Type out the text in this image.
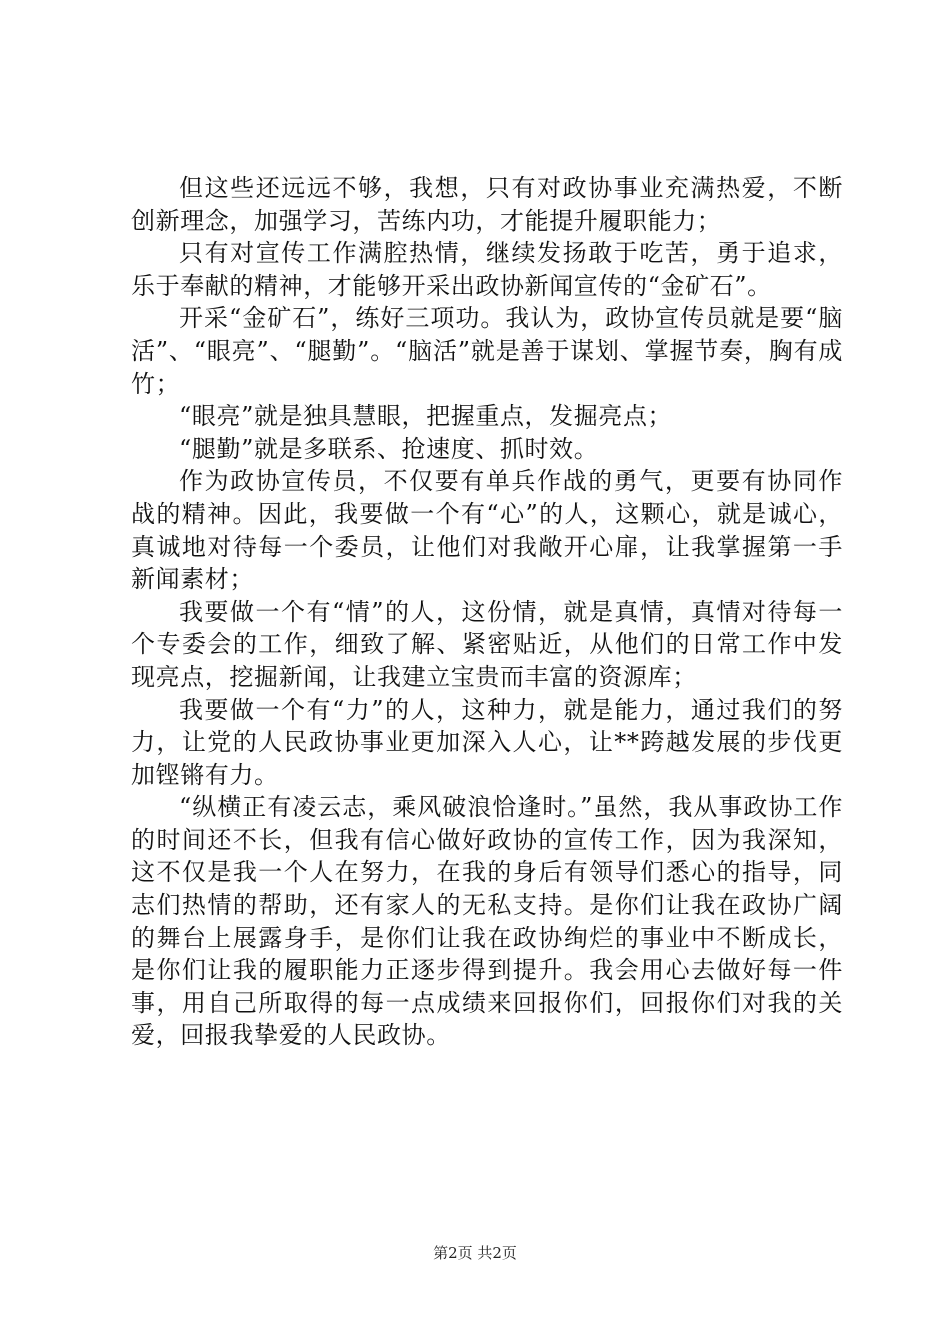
但这些还远远不够，我想，只有对政协事业充满热爱，不断创新理念，加强学习，苦练内功，才能提升履职能力；

只有对宣传工作满腔热情，继续发扬敢于吃苦，勇于追求，乐于奉献的精神，才能够开采出政协新闻宣传的“金矿石”。

开采“金矿石”，练好三项功。我认为，政协宣传员就是要“脑活”、“眼亮”、“腿勤”。“脑活”就是善于谋划、掌握节奏，胸有成竹；

“眼亮”就是独具慧眼，把握重点，发掘亮点；

“腿勤”就是多联系、抢速度、抓时效。

作为政协宣传员，不仅要有单兵作战的勇气，更要有协同作战的精神。因此，我要做一个有“心”的人，这颗心，就是诚心，真诚地对待每一个委员，让他们对我敞开心扉，让我掌握第一手新闻素材；

我要做一个有“情”的人，这份情，就是真情，真情对待每一个专委会的工作，细致了解、紧密贴近，从他们的日常工作中发现亮点，挖掘新闻，让我建立宝贵而丰富的资源库；

我要做一个有“力”的人，这种力，就是能力，通过我们的努力，让党的人民政协事业更加深入人心，让**跨越发展的步伐更加铿锵有力。

“纵横正有凌云志，乘风破浪恰逢时。”虽然，我从事政协工作的时间还不长，但我有信心做好政协的宣传工作，因为我深知，这不仅是我一个人在努力，在我的身后有领导们悉心的指导，同志们热情的帮助，还有家人的无私支持。是你们让我在政协广阔的舞台上展露身手，是你们让我在政协绚烂的事业中不断成长，是你们让我的履职能力正逐步得到提升。我会用心去做好每一件事，用自己所取得的每一点成绩来回报你们，回报你们对我的关爱，回报我挚爱的人民政协。

第2页 共2页
